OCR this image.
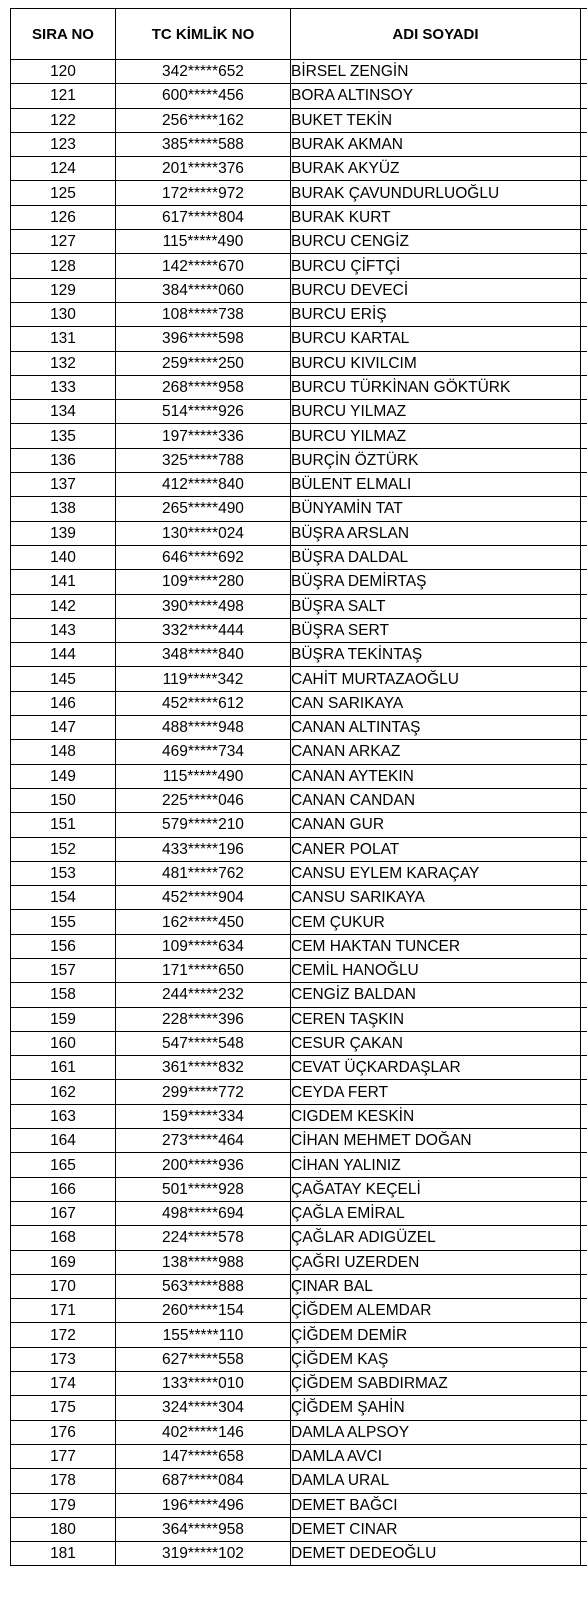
SIRA NO	TC KİMLİK NO	ADI SOYADI	
120	342*****652	BİRSEL ZENGİN	
121	600*****456	BORA ALTINSOY	
122	256*****162	BUKET TEKİN	
123	385*****588	BURAK AKMAN	
124	201*****376	BURAK AKYÜZ	
125	172*****972	BURAK ÇAVUNDURLUOĞLU	
126	617*****804	BURAK KURT	
127	115*****490	BURCU CENGİZ	
128	142*****670	BURCU ÇİFTÇİ	
129	384*****060	BURCU DEVECİ	
130	108*****738	BURCU ERİŞ	
131	396*****598	BURCU KARTAL	
132	259*****250	BURCU KIVILCIM	
133	268*****958	BURCU TÜRKİNAN GÖKTÜRK	
134	514*****926	BURCU YILMAZ	
135	197*****336	BURCU YILMAZ	
136	325*****788	BURÇİN ÖZTÜRK	
137	412*****840	BÜLENT ELMALI	
138	265*****490	BÜNYAMİN TAT	
139	130*****024	BÜŞRA ARSLAN	
140	646*****692	BÜŞRA DALDAL	
141	109*****280	BÜŞRA DEMİRTAŞ	
142	390*****498	BÜŞRA SALT	
143	332*****444	BÜŞRA SERT	
144	348*****840	BÜŞRA TEKİNTAŞ	
145	119*****342	CAHİT MURTAZAOĞLU	
146	452*****612	CAN SARIKAYA	
147	488*****948	CANAN ALTINTAŞ	
148	469*****734	CANAN ARKAZ	
149	115*****490	CANAN AYTEKIN	
150	225*****046	CANAN CANDAN	
151	579*****210	CANAN GUR	
152	433*****196	CANER POLAT	
153	481*****762	CANSU EYLEM KARAÇAY	
154	452*****904	CANSU SARIKAYA	
155	162*****450	CEM ÇUKUR	
156	109*****634	CEM HAKTAN TUNCER	
157	171*****650	CEMİL HANOĞLU	
158	244*****232	CENGİZ BALDAN	
159	228*****396	CEREN TAŞKIN	
160	547*****548	CESUR ÇAKAN	
161	361*****832	CEVAT ÜÇKARDAŞLAR	
162	299*****772	CEYDA FERT	
163	159*****334	CIGDEM KESKİN	
164	273*****464	CİHAN MEHMET DOĞAN	
165	200*****936	CİHAN YALINIZ	
166	501*****928	ÇAĞATAY KEÇELİ	
167	498*****694	ÇAĞLA EMİRAL	
168	224*****578	ÇAĞLAR ADIGÜZEL	
169	138*****988	ÇAĞRI UZERDEN	
170	563*****888	ÇINAR BAL	
171	260*****154	ÇİĞDEM ALEMDAR	
172	155*****110	ÇİĞDEM DEMİR	
173	627*****558	ÇİĞDEM KAŞ	
174	133*****010	ÇİĞDEM SABDIRMAZ	
175	324*****304	ÇİĞDEM ŞAHİN	
176	402*****146	DAMLA ALPSOY	
177	147*****658	DAMLA AVCI	
178	687*****084	DAMLA URAL	
179	196*****496	DEMET BAĞCI	
180	364*****958	DEMET CINAR	
181	319*****102	DEMET DEDEOĞLU	
